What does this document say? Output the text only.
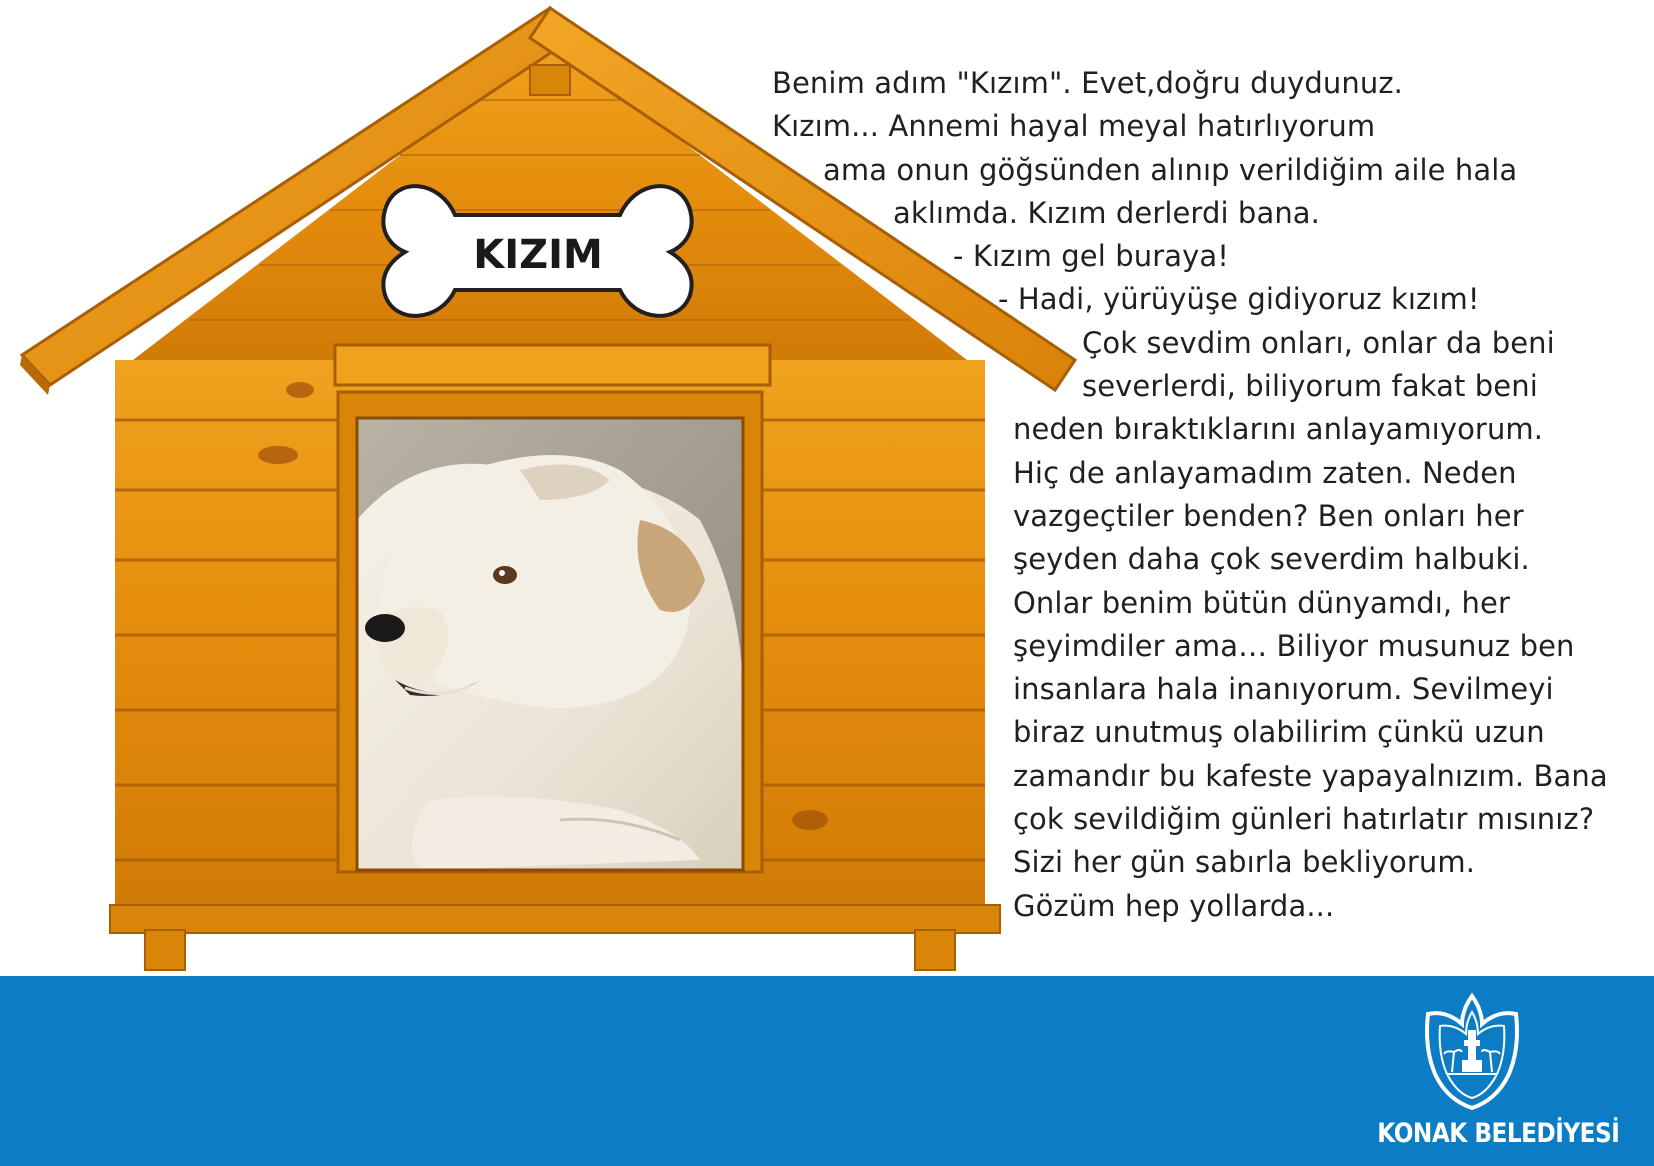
KIZIM
Benim adım "Kızım". Evet,doğru duydunuz.
Kızım... Annemi hayal meyal hatırlıyorum
ama onun göğsünden alınıp verildiğim aile hala
aklımda. Kızım derlerdi bana.
- Kızım gel buraya!
- Hadi, yürüyüşe gidiyoruz kızım!
Çok sevdim onları, onlar da beni
severlerdi, biliyorum fakat beni
neden bıraktıklarını anlayamıyorum.
Hiç de anlayamadım zaten. Neden
vazgeçtiler benden? Ben onları her
şeyden daha çok severdim halbuki.
Onlar benim bütün dünyamdı, her
şeyimdiler ama… Biliyor musunuz ben
insanlara hala inanıyorum. Sevilmeyi
biraz unutmuş olabilirim çünkü uzun
zamandır bu kafeste yapayalnızım. Bana
çok sevildiğim günleri hatırlatır mısınız?
Sizi her gün sabırla bekliyorum.
Gözüm hep yollarda...
KONAK BELEDİYESİ
